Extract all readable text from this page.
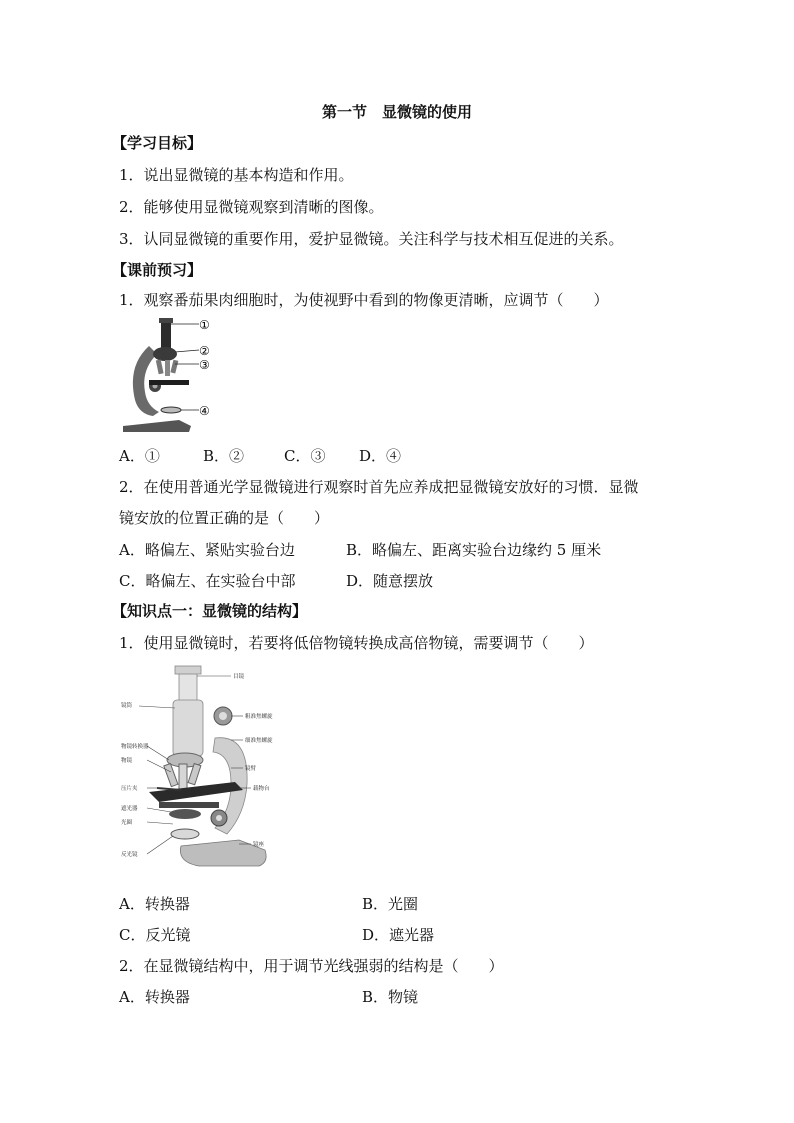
第一节　显微镜的使用
【学习目标】
1．说出显微镜的基本构造和作用。
2．能够使用显微镜观察到清晰的图像。
3．认同显微镜的重要作用，爱护显微镜。关注科学与技术相互促进的关系。
【课前预习】
1．观察番茄果肉细胞时，为使视野中看到的物像更清晰，应调节（　　）
①
②
③
④
A．①	B．②	C．③ D．④
2．在使用普通光学显微镜进行观察时首先应养成把显微镜安放好的习惯．显微
镜安放的位置正确的是（　　）
A．略偏左、紧贴实验台边	B．略偏左、距离实验台边缘约 5 厘米
C．略偏左、在实验台中部	D．随意摆放
【知识点一：显微镜的结构】
1．使用显微镜时，若要将低倍物镜转换成高倍物镜，需要调节（　　）
目镜
镜筒
粗准焦螺旋
细准焦螺旋
物镜转换器
物镜
镜臂
压片夹	载物台
遮光器
光圈
反光镜
镜座
A．转换器	B．光圈
C．反光镜	D．遮光器
2．在显微镜结构中，用于调节光线强弱的结构是（　　）
A．转换器	B．物镜
